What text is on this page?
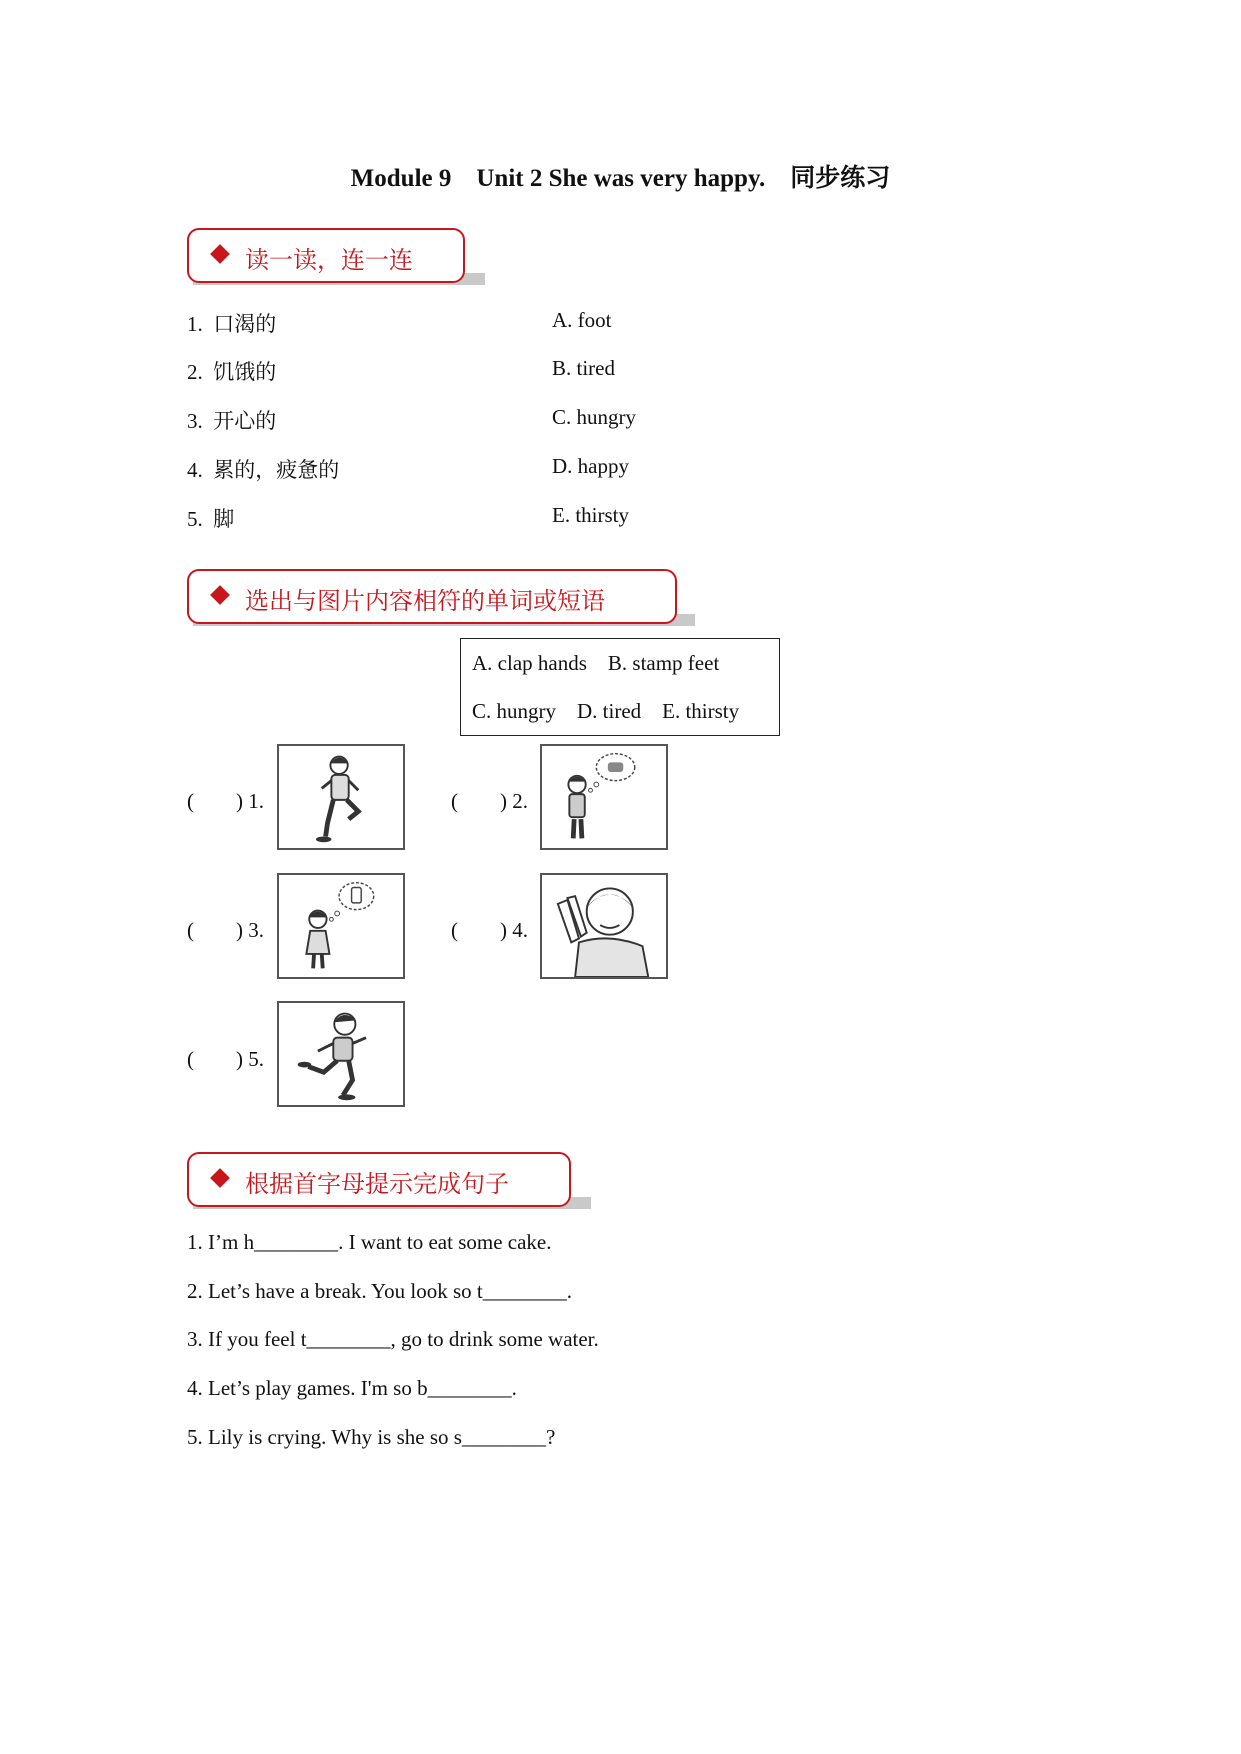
Module 9    Unit 2 She was very happy.    同步练习
读一读，连一连
1.  口渴的
2.  饥饿的
3.  开心的
4.  累的，疲惫的
5.  脚
A. foot
B. tired
C. hungry
D. happy
E. thirsty
选出与图片内容相符的单词或短语
A. clap hands    B. stamp feet
C. hungry    D. tired    E. thirsty
(        ) 1.	(        ) 2.
(        ) 3.	(        ) 4.
(        ) 5.
根据首字母提示完成句子
1. I’m h________. I want to eat some cake.
2. Let’s have a break. You look so t________.
3. If you feel t________, go to drink some water.
4. Let’s play games. I'm so b________.
5. Lily is crying. Why is she so s________?
